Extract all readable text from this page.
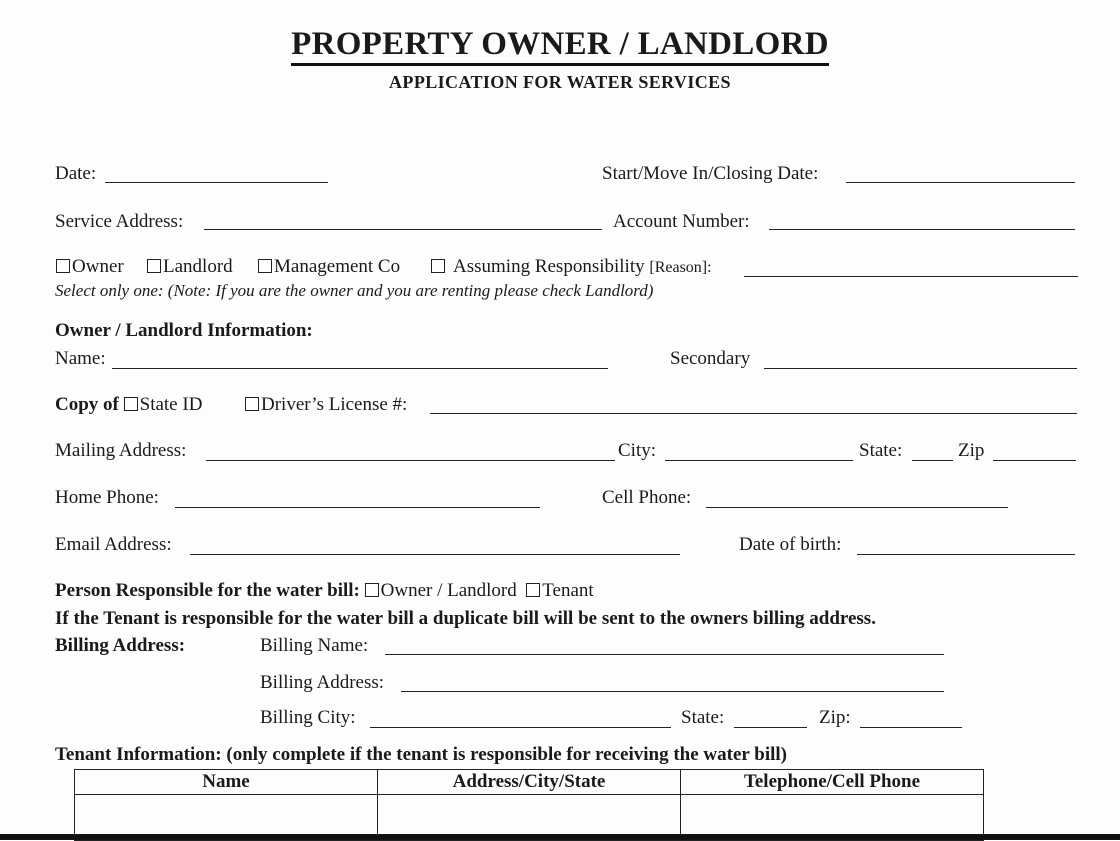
PROPERTY OWNER / LANDLORD
APPLICATION FOR WATER SERVICES
Date:	Start/Move In/Closing Date:
Service Address:	Account Number:
Owner	Landlord	Management Co	Assuming Responsibility [Reason]:
Select only one: (Note: If you are the owner and you are renting please check Landlord)
Owner / Landlord Information:
Name:	Secondary
Copy of State ID	Driver’s License #:
Mailing Address:	City:	State:	Zip
Home Phone:	Cell Phone:
Email Address:	Date of birth:
Person Responsible for the water bill: Owner / Landlord Tenant
If the Tenant is responsible for the water bill a duplicate bill will be sent to the owners billing address.
Billing Address:	Billing Name:
Billing Address:
Billing City:	State:	Zip:
Tenant Information: (only complete if the tenant is responsible for receiving the water bill)
Name	Address/City/State	Telephone/Cell Phone
